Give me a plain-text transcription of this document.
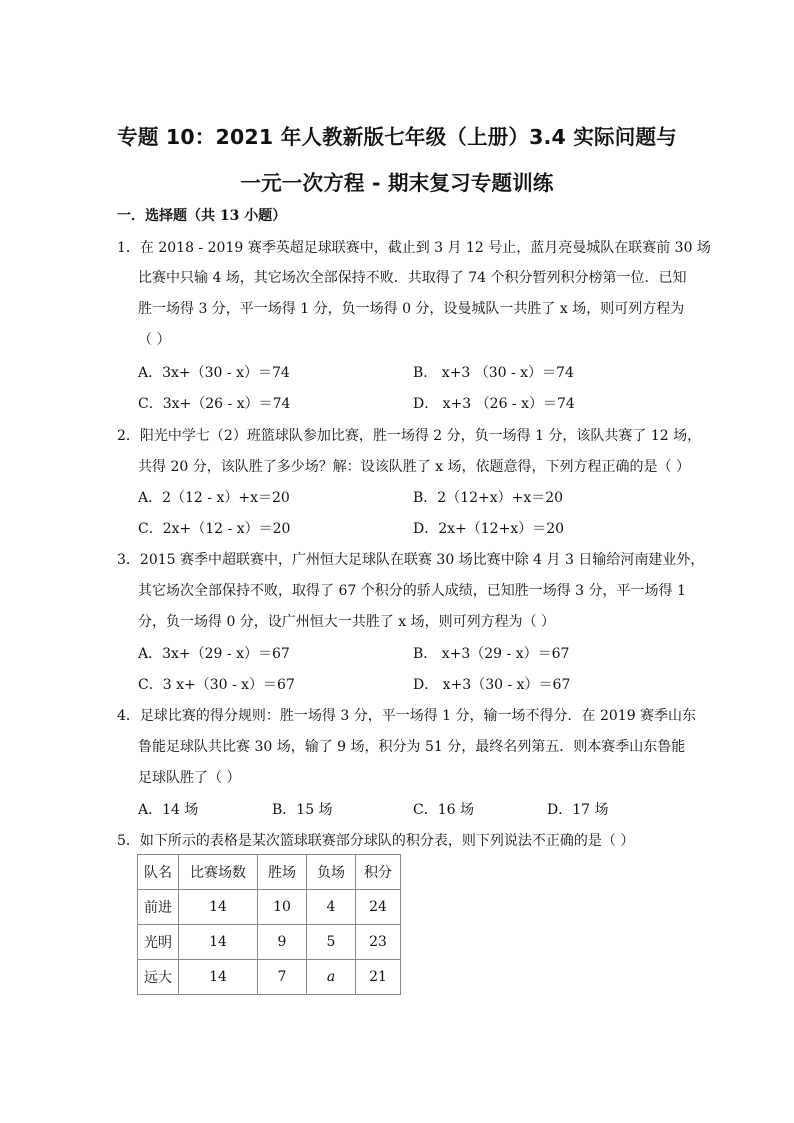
专题 10：2021 年人教新版七年级（上册）3.4 实际问题与
一元一次方程 - 期末复习专题训练
一．选择题（共 13 小题）
1．在 2018 - 2019 赛季英超足球联赛中，截止到 3 月 12 号止，蓝月亮曼城队在联赛前 30 场
比赛中只输 4 场，其它场次全部保持不败．共取得了 74 个积分暂列积分榜第一位．已知
胜一场得 3 分，平一场得 1 分，负一场得 0 分，设曼城队一共胜了 x 场，则可列方程为
（ ）
A．3x+（30 - x）＝74	B． x+3 （30 - x）＝74
C．3x+（26 - x）＝74	D． x+3 （26 - x）＝74
2．阳光中学七（2）班篮球队参加比赛，胜一场得 2 分，负一场得 1 分，该队共赛了 12 场，
共得 20 分，该队胜了多少场？解：设该队胜了 x 场，依题意得，下列方程正确的是（ ）
A．2（12 - x）+x＝20	B．2（12+x）+x＝20
C．2x+（12 - x）＝20	D．2x+（12+x）＝20
3．2015 赛季中超联赛中，广州恒大足球队在联赛 30 场比赛中除 4 月 3 日输给河南建业外，
其它场次全部保持不败，取得了 67 个积分的骄人成绩，已知胜一场得 3 分，平一场得 1
分，负一场得 0 分，设广州恒大一共胜了 x 场，则可列方程为（ ）
A．3x+（29 - x）＝67	B． x+3（29 - x）＝67
C．3 x+（30 - x）＝67	D． x+3（30 - x）＝67
4．足球比赛的得分规则：胜一场得 3 分，平一场得 1 分，输一场不得分．在 2019 赛季山东
鲁能足球队共比赛 30 场，输了 9 场，积分为 51 分，最终名列第五．则本赛季山东鲁能
足球队胜了（ ）
A．14 场	B．15 场	C．16 场	D．17 场
5．如下所示的表格是某次篮球联赛部分球队的积分表，则下列说法不正确的是（ ）
队名	比赛场数	胜场	负场	积分
前进	14	10	4	24
光明	14	9	5	23
远大	14	7	a	21
